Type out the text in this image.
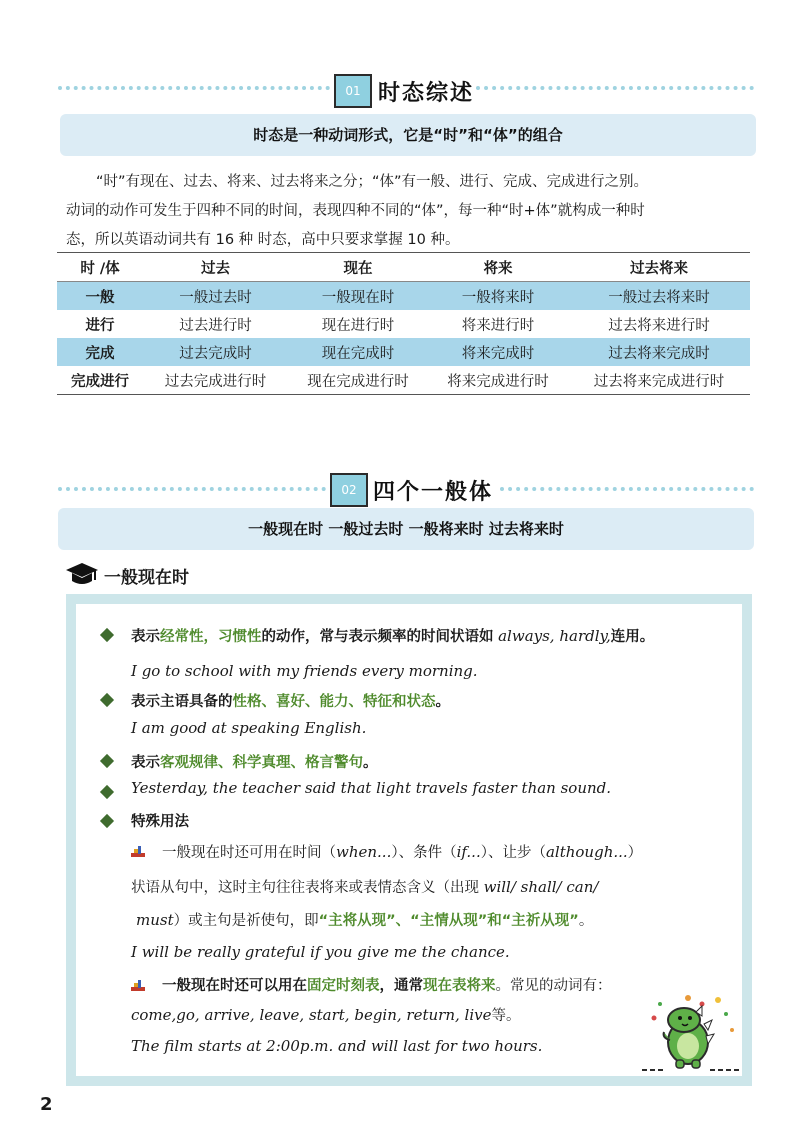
01 时态综述
时态是一种动词形式，它是“时”和“体”的组合
“时”有现在、过去、将来、过去将来之分；“体”有一般、进行、完成、完成进行之别。
动词的动作可发生于四种不同的时间，表现四种不同的“体”，每一种“时+体”就构成一种时
态，所以英语动词共有 16 种 时态，高中只要求掌握 10 种。
时 /体	过去	现在	将来	过去将来
一般	一般过去时	一般现在时	一般将来时	一般过去将来时
进行	过去进行时	现在进行时	将来进行时	过去将来进行时
完成	过去完成时	现在完成时	将来完成时	过去将来完成时
完成进行	过去完成进行时	现在完成进行时	将来完成进行时	过去将来完成进行时
02 四个一般体
一般现在时 一般过去时 一般将来时 过去将来时
一般现在时
表示经常性，习惯性的动作，常与表示频率的时间状语如 always, hardly,连用。
I go to school with my friends every morning.
表示主语具备的性格、喜好、能力、特征和状态。
I am good at speaking English.
表示客观规律、科学真理、格言警句。
Yesterday, the teacher said that light travels faster than sound.
特殊用法
一般现在时还可用在时间（when...）、条件（if...）、让步（although...）
状语从句中，这时主句往往表将来或表情态含义（出现 will/ shall/ can/
must）或主句是祈使句，即“主将从现”、“主情从现”和“主祈从现”。
I will be really grateful if you give me the chance.
一般现在时还可以用在固定时刻表，通常现在表将来。常见的动词有：
come,go, arrive, leave, start, begin, return, live等。
The film starts at 2:00p.m. and will last for two hours.
2
